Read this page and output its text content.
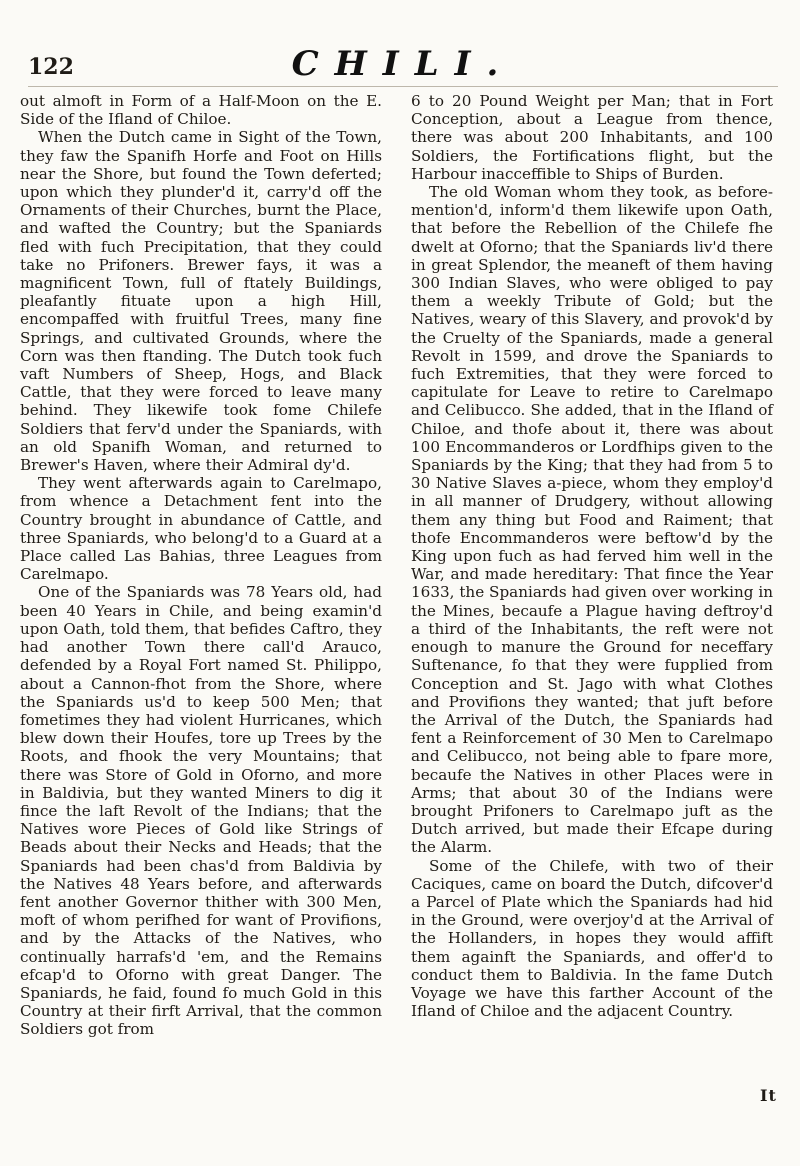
122	CHILI.

out almoft in Form of a Half-Moon on the E. Side of the Ifland of Chiloe.

When the Dutch came in Sight of the Town, they faw the Spanifh Horfe and Foot on Hills near the Shore, but found the Town deferted; upon which they plunder'd it, carry'd off the Ornaments of their Churches, burnt the Place, and wafted the Country; but the Spaniards fled with fuch Precipitation, that they could take no Prifoners. Brewer fays, it was a magnificent Town, full of ftately Buildings, pleafantly fituate upon a high Hill, encompaffed with fruitful Trees, many fine Springs, and cultivated Grounds, where the Corn was then ftanding. The Dutch took fuch vaft Numbers of Sheep, Hogs, and Black Cattle, that they were forced to leave many behind. They likewife took fome Chilefe Soldiers that ferv'd under the Spaniards, with an old Spanifh Woman, and returned to Brewer's Haven, where their Admiral dy'd.

They went afterwards again to Carelmapo, from whence a Detachment fent into the Country brought in abundance of Cattle, and three Spaniards, who belong'd to a Guard at a Place called Las Bahias, three Leagues from Carelmapo.

One of the Spaniards was 78 Years old, had been 40 Years in Chile, and being examin'd upon Oath, told them, that befides Caftro, they had another Town there call'd Arauco, defended by a Royal Fort named St. Philippo, about a Cannon-fhot from the Shore, where the Spaniards us'd to keep 500 Men; that fometimes they had violent Hurricanes, which blew down their Houfes, tore up Trees by the Roots, and fhook the very Mountains; that there was Store of Gold in Oforno, and more in Baldivia, but they wanted Miners to dig it fince the laft Revolt of the Indians; that the Natives wore Pieces of Gold like Strings of Beads about their Necks and Heads; that the Spaniards had been chas'd from Baldivia by the Natives 48 Years before, and afterwards fent another Governor thither with 300 Men, moft of whom perifhed for want of Provifions, and by the Attacks of the Natives, who continually harrafs'd 'em, and the Remains efcap'd to Oforno with great Danger. The Spaniards, he faid, found fo much Gold in this Country at their firft Arrival, that the common Soldiers got from

6 to 20 Pound Weight per Man; that in Fort Conception, about a League from thence, there was about 200 Inhabitants, and 100 Soldiers, the Fortifications flight, but the Harbour inacceffible to Ships of Burden.

The old Woman whom they took, as before-mention'd, inform'd them likewife upon Oath, that before the Rebellion of the Chilefe fhe dwelt at Oforno; that the Spaniards liv'd there in great Splendor, the meaneft of them having 300 Indian Slaves, who were obliged to pay them a weekly Tribute of Gold; but the Natives, weary of this Slavery, and provok'd by the Cruelty of the Spaniards, made a general Revolt in 1599, and drove the Spaniards to fuch Extremities, that they were forced to capitulate for Leave to retire to Carelmapo and Celibucco. She added, that in the Ifland of Chiloe, and thofe about it, there was about 100 Encommanderos or Lordfhips given to the Spaniards by the King; that they had from 5 to 30 Native Slaves a-piece, whom they employ'd in all manner of Drudgery, without allowing them any thing but Food and Raiment; that thofe Encommanderos were beftow'd by the King upon fuch as had ferved him well in the War, and made hereditary: That fince the Year 1633, the Spaniards had given over working in the Mines, becaufe a Plague having deftroy'd a third of the Inhabitants, the reft were not enough to manure the Ground for neceffary Suftenance, fo that they were fupplied from Conception and St. Jago with what Clothes and Provifions they wanted; that juft before the Arrival of the Dutch, the Spaniards had fent a Reinforcement of 30 Men to Carelmapo and Celibucco, not being able to fpare more, becaufe the Natives in other Places were in Arms; that about 30 of the Indians were brought Prifoners to Carelmapo juft as the Dutch arrived, but made their Efcape during the Alarm.

Some of the Chilefe, with two of their Caciques, came on board the Dutch, difcover'd a Parcel of Plate which the Spaniards had hid in the Ground, were overjoy'd at the Arrival of the Hollanders, in hopes they would affift them againft the Spaniards, and offer'd to conduct them to Baldivia. In the fame Dutch Voyage we have this farther Account of the Ifland of Chiloe and the adjacent Country.

It
